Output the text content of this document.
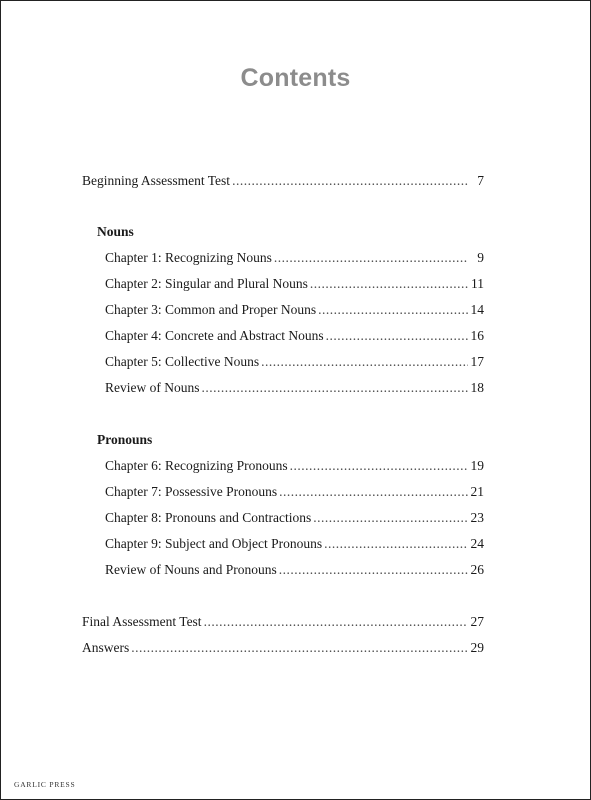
Contents
Beginning Assessment Test .....	7
Nouns
Chapter 1: Recognizing Nouns .....	9
Chapter 2: Singular and Plural Nouns .....	11
Chapter 3: Common and Proper Nouns .....	14
Chapter 4: Concrete and Abstract Nouns .....	16
Chapter 5: Collective Nouns .....	17
Review of Nouns .....	18
Pronouns
Chapter 6: Recognizing Pronouns .....	19
Chapter 7: Possessive Pronouns .....	21
Chapter 8: Pronouns and Contractions .....	23
Chapter 9: Subject and Object Pronouns .....	24
Review of Nouns and Pronouns .....	26
Final Assessment Test .....	27
Answers .....	29
GARLIC PRESS
